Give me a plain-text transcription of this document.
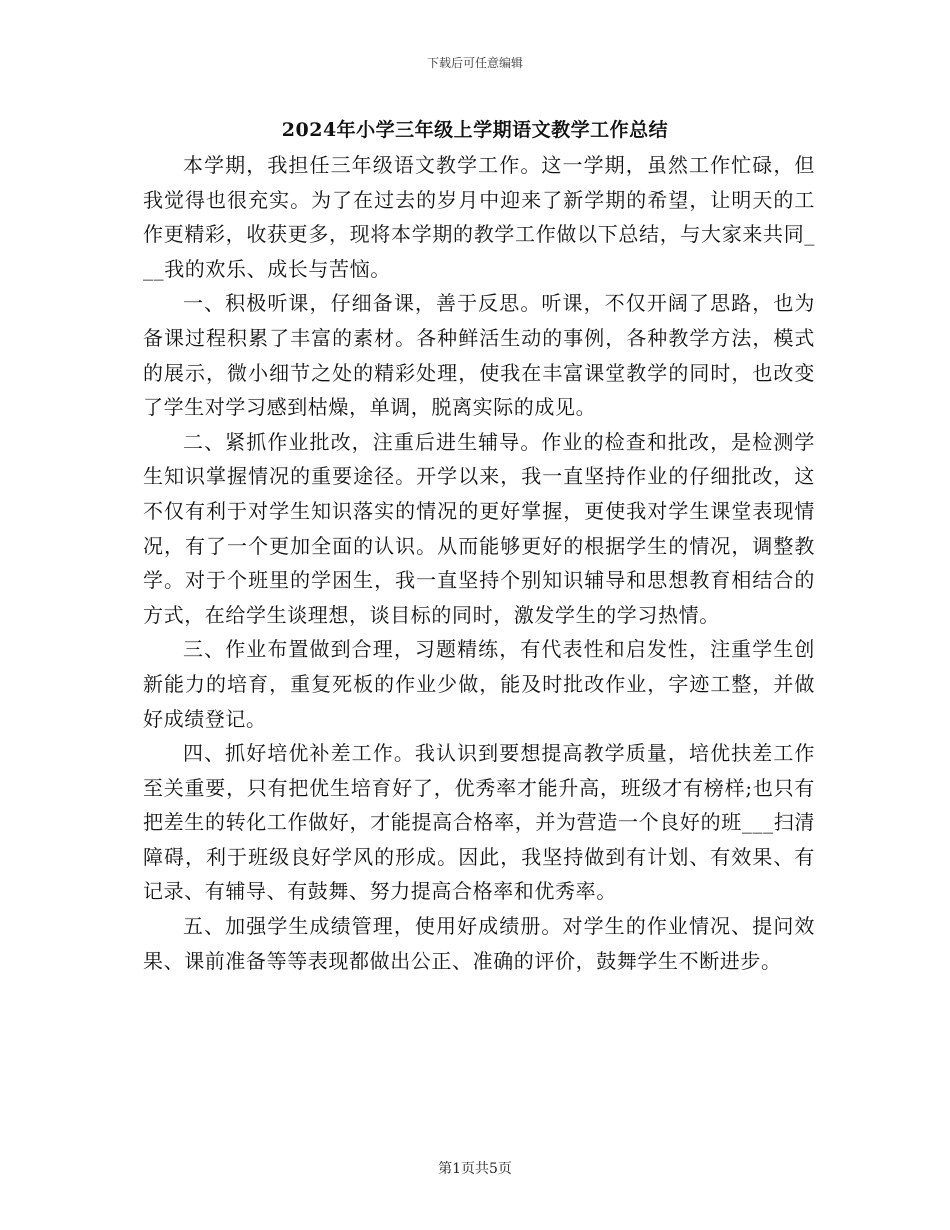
下载后可任意编辑
2024年小学三年级上学期语文教学工作总结

本学期，我担任三年级语文教学工作。这一学期，虽然工作忙碌，但我觉得也很充实。为了在过去的岁月中迎来了新学期的希望，让明天的工作更精彩，收获更多，现将本学期的教学工作做以下总结，与大家来共同___我的欢乐、成长与苦恼。

一、积极听课，仔细备课，善于反思。听课，不仅开阔了思路，也为备课过程积累了丰富的素材。各种鲜活生动的事例，各种教学方法，模式的展示，微小细节之处的精彩处理，使我在丰富课堂教学的同时，也改变了学生对学习感到枯燥，单调，脱离实际的成见。

二、紧抓作业批改，注重后进生辅导。作业的检查和批改，是检测学生知识掌握情况的重要途径。开学以来，我一直坚持作业的仔细批改，这不仅有利于对学生知识落实的情况的更好掌握，更使我对学生课堂表现情况，有了一个更加全面的认识。从而能够更好的根据学生的情况，调整教学。对于个班里的学困生，我一直坚持个别知识辅导和思想教育相结合的方式，在给学生谈理想，谈目标的同时，激发学生的学习热情。

三、作业布置做到合理，习题精练，有代表性和启发性，注重学生创新能力的培育，重复死板的作业少做，能及时批改作业，字迹工整，并做好成绩登记。

四、抓好培优补差工作。我认识到要想提高教学质量，培优扶差工作至关重要，只有把优生培育好了，优秀率才能升高，班级才有榜样;也只有把差生的转化工作做好，才能提高合格率，并为营造一个良好的班___扫清障碍，利于班级良好学风的形成。因此，我坚持做到有计划、有效果、有记录、有辅导、有鼓舞、努力提高合格率和优秀率。

五、加强学生成绩管理，使用好成绩册。对学生的作业情况、提问效果、课前准备等等表现都做出公正、准确的评价，鼓舞学生不断进步。

第1页共5页
